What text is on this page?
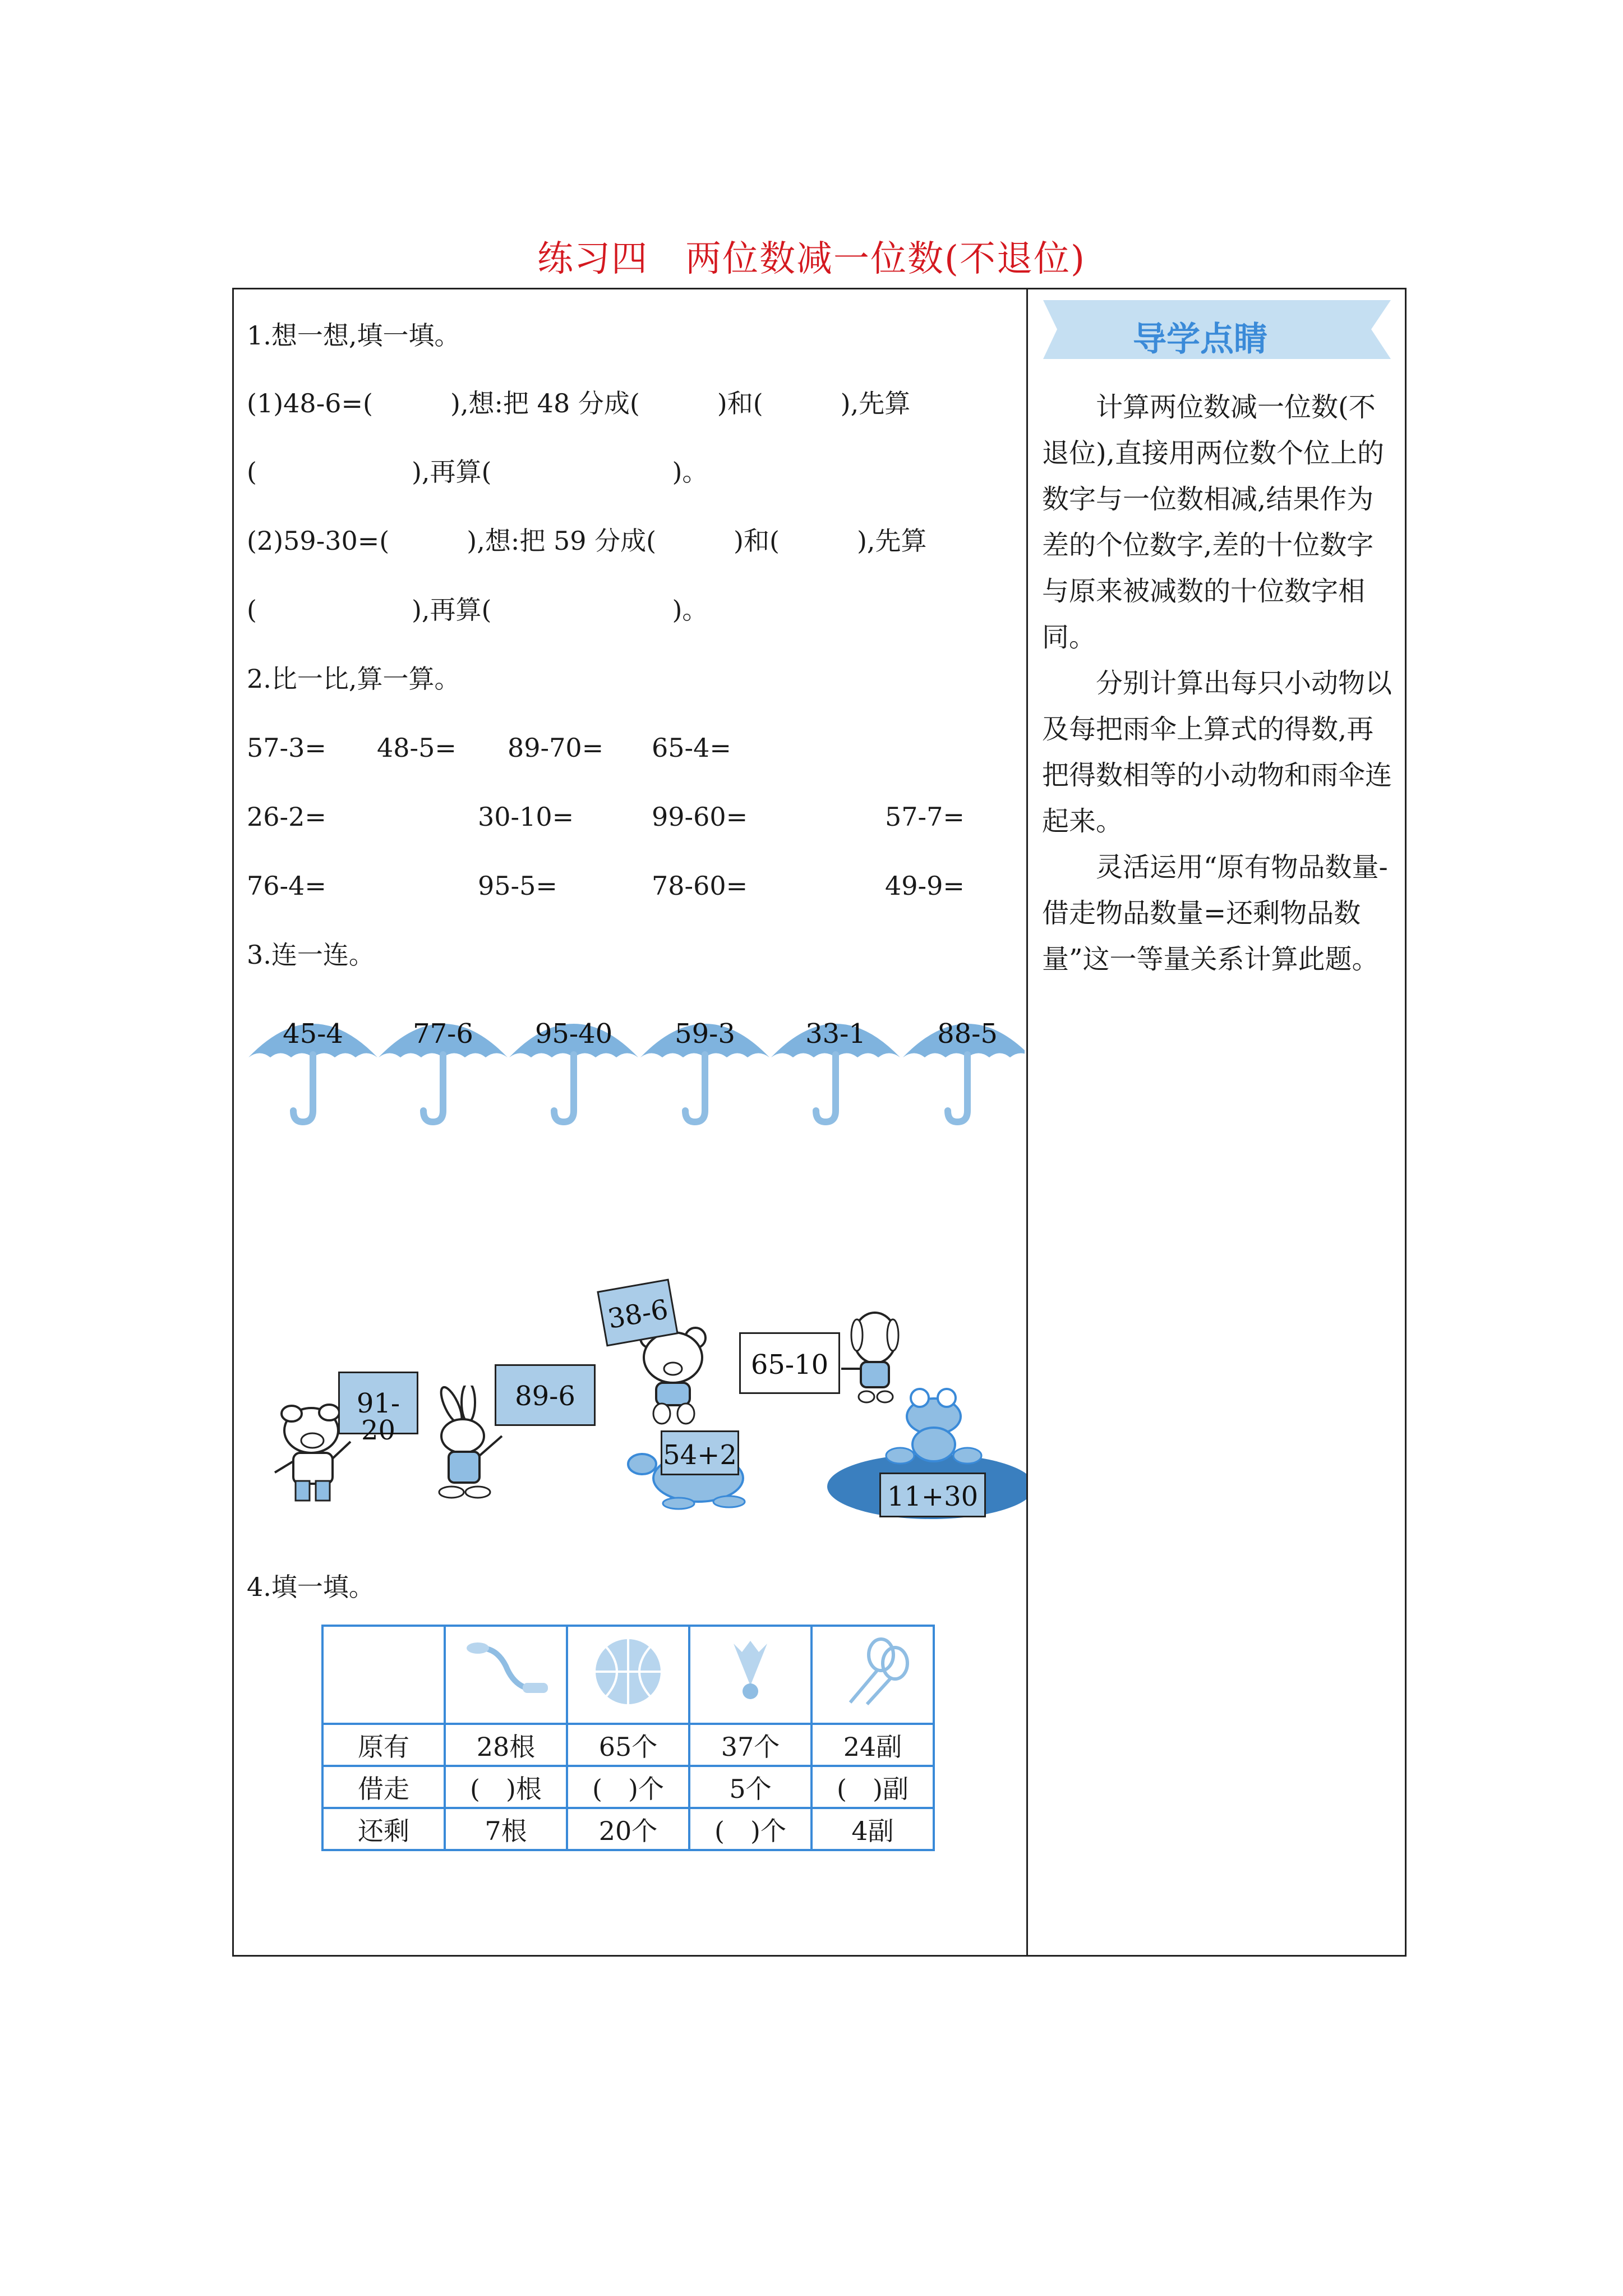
练习四　两位数减一位数(不退位)
1.想一想,填一填。
(1)48-6=(　　　),想:把 48 分成(　　　)和(　　　),先算
(　　　　　　),再算(　　　　　　　)。
(2)59-30=(　　　),想:把 59 分成(　　　)和(　　　),先算
(　　　　　　),再算(　　　　　　　)。
2.比一比,算一算。
57-3= 48-5= 89-70= 65-4=
26-2=	30-10=	99-60=	57-7=
76-4=	95-5=	78-60=	49-9=
3.连一连。
45-4	77-6	95-40	59-3	33-1	88-5
91-20
89-6
38-6
54+2
65-10
11+30
4.填一填。

原有	28根	65个	37个	24副
借走	(　)根	(　)个	5个	(　)副
还剩	7根	20个	(　)个	4副
导学点睛

计算两位数减一位数(不退位),直接用两位数个位上的数字与一位数相减,结果作为差的个位数字,差的十位数字与原来被减数的十位数字相同。

分别计算出每只小动物以及每把雨伞上算式的得数,再把得数相等的小动物和雨伞连起来。

灵活运用“原有物品数量-借走物品数量=还剩物品数量”这一等量关系计算此题。
